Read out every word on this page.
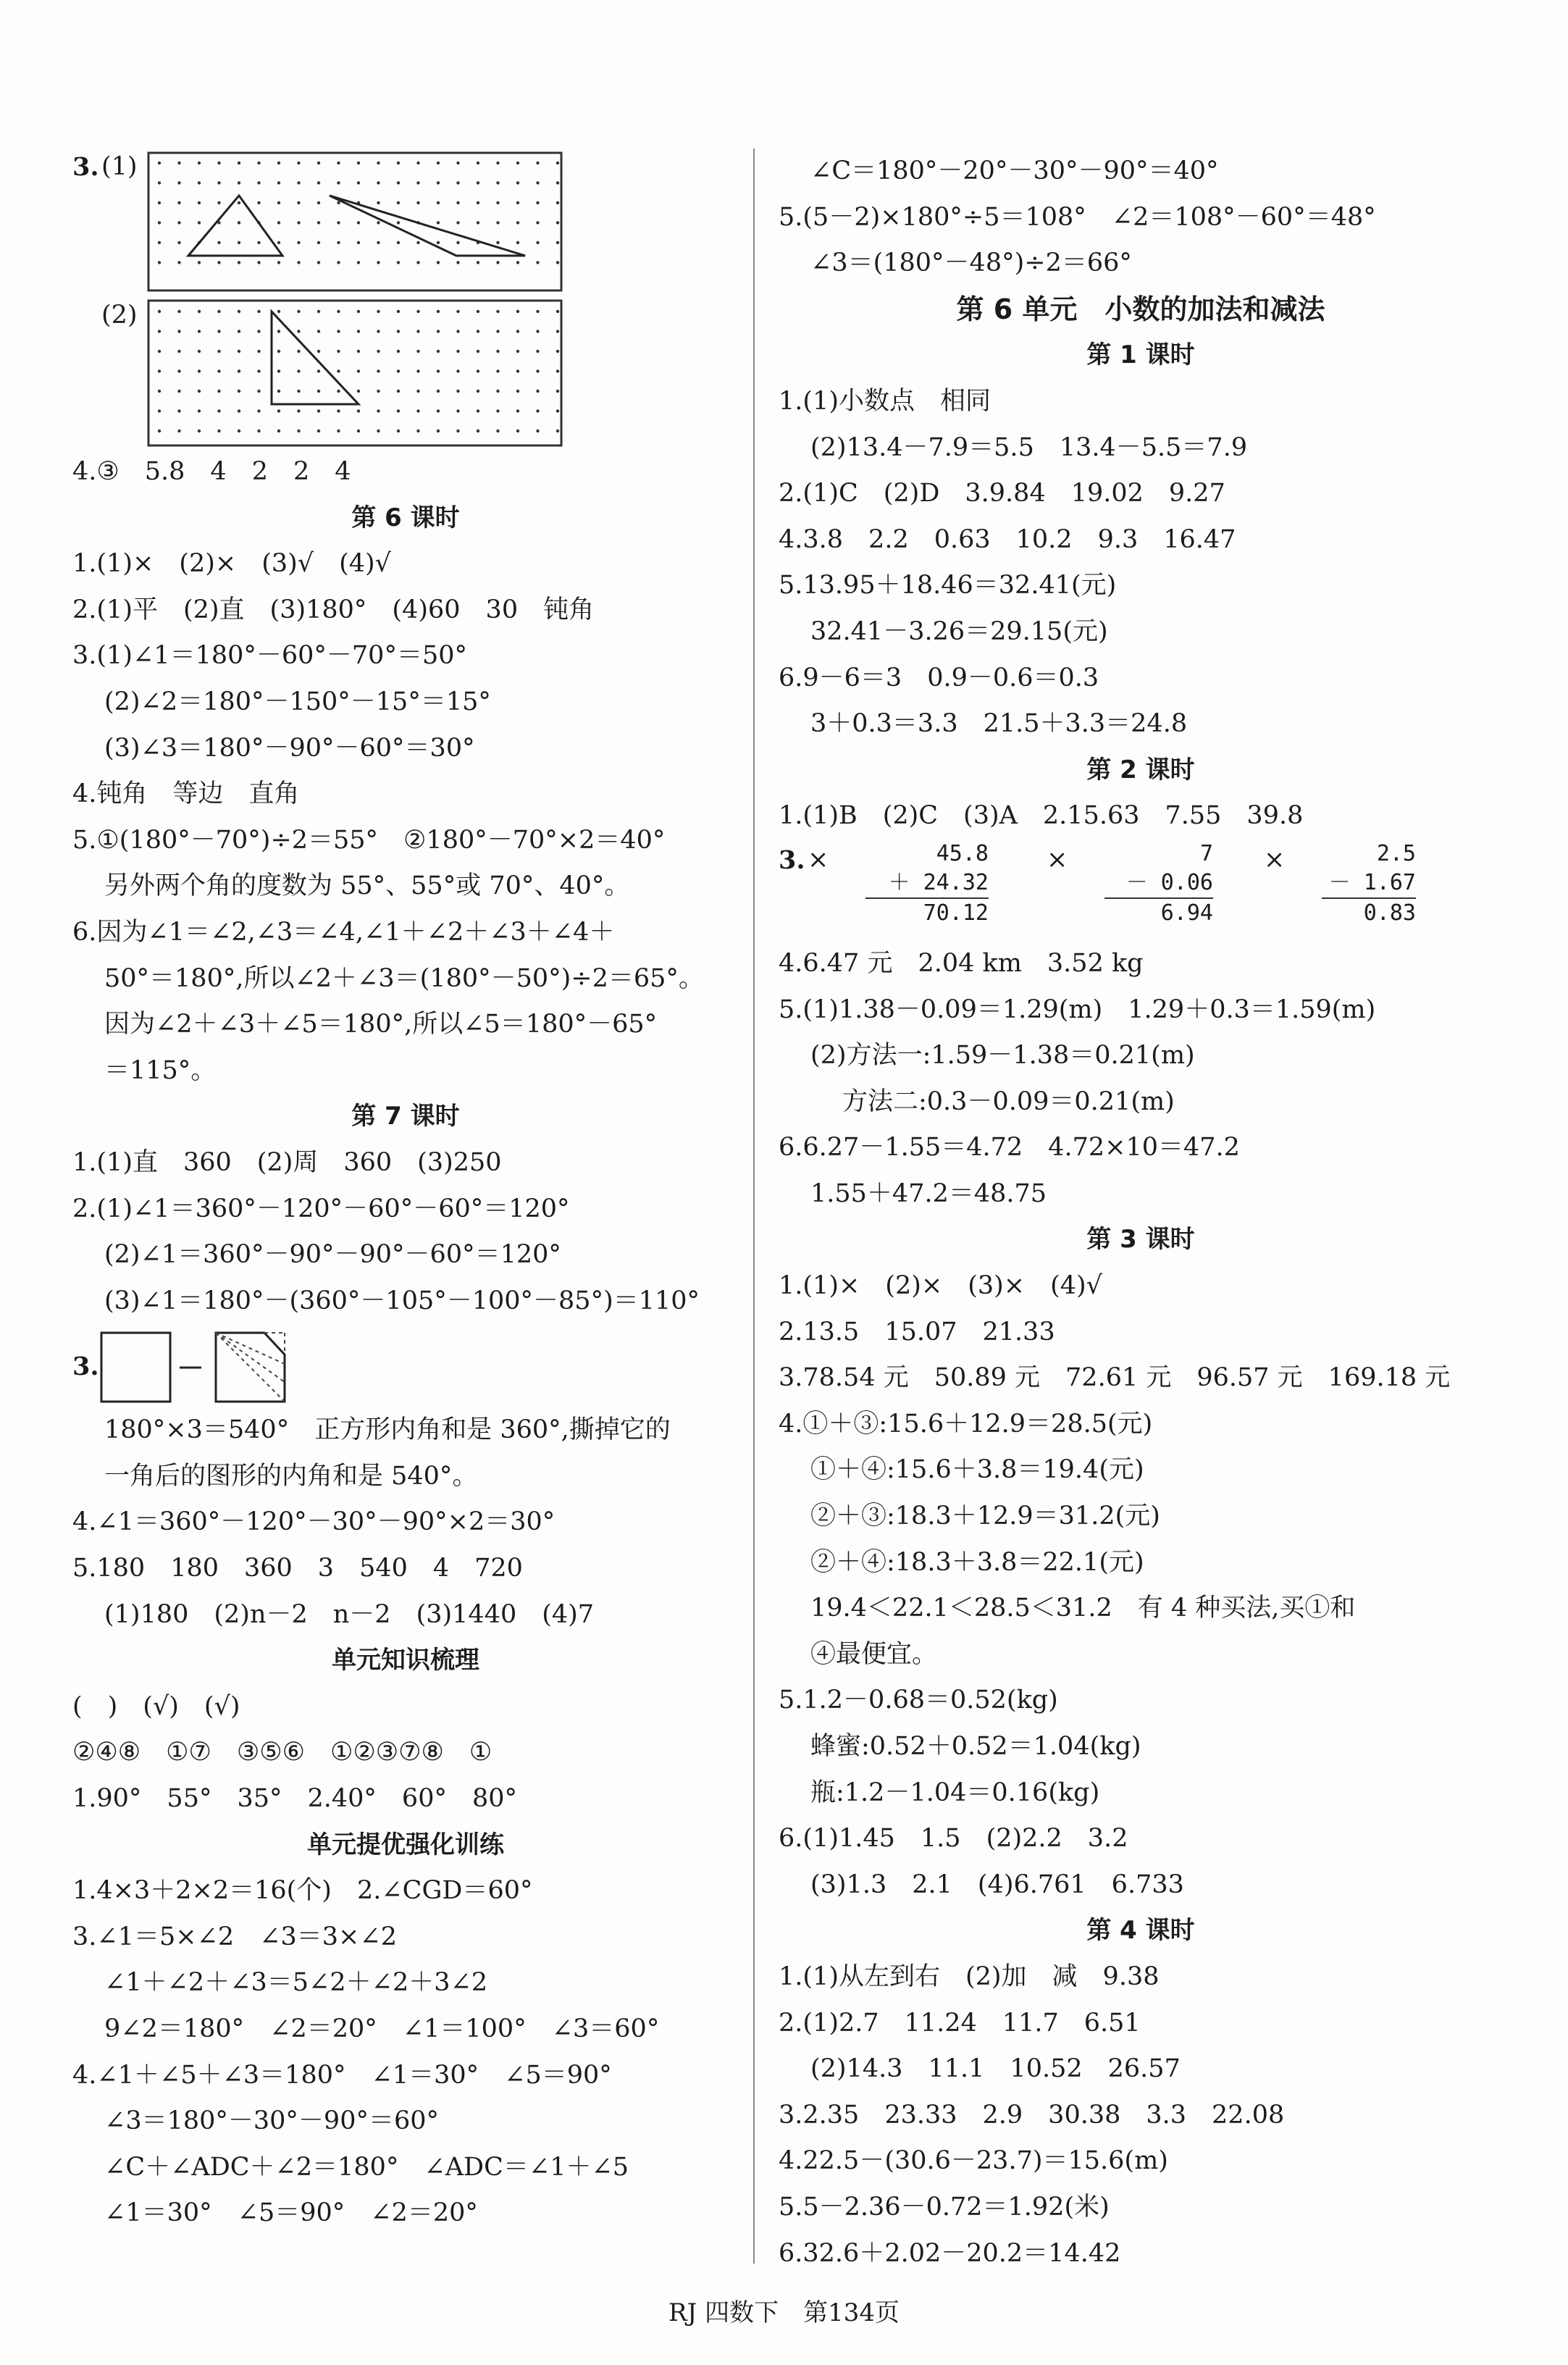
3. (1)
(2)
4.③　5.8　4　2　2　4
第 6 课时
1.(1)×　(2)×　(3)√　(4)√
2.(1)平　(2)直　(3)180°　(4)60　30　钝角
3.(1)∠1＝180°－60°－70°＝50°
(2)∠2＝180°－150°－15°＝15°
(3)∠3＝180°－90°－60°＝30°
4.钝角　等边　直角
5.①(180°－70°)÷2＝55°　②180°－70°×2＝40°
另外两个角的度数为 55°、55°或 70°、40°。
6.因为∠1＝∠2,∠3＝∠4,∠1＋∠2＋∠3＋∠4＋
50°＝180°,所以∠2＋∠3＝(180°－50°)÷2＝65°。
因为∠2＋∠3＋∠5＝180°,所以∠5＝180°－65°
＝115°。
第 7 课时
1.(1)直　360　(2)周　360　(3)250
2.(1)∠1＝360°－120°－60°－60°＝120°
(2)∠1＝360°－90°－90°－60°＝120°
(3)∠1＝180°－(360°－105°－100°－85°)＝110°
3.
180°×3＝540°　正方形内角和是 360°,撕掉它的
一角后的图形的内角和是 540°。
4.∠1＝360°－120°－30°－90°×2＝30°
5.180　180　360　3　540　4　720
(1)180　(2)n－2　n－2　(3)1440　(4)7
单元知识梳理
(　)　(√)　(√)
②④⑧　①⑦　③⑤⑥　①②③⑦⑧　①
1.90°　55°　35°　2.40°　60°　80°
单元提优强化训练
1.4×3＋2×2＝16(个)　2.∠CGD＝60°
3.∠1＝5×∠2　∠3＝3×∠2
∠1＋∠2＋∠3＝5∠2＋∠2＋3∠2
9∠2＝180°　∠2＝20°　∠1＝100°　∠3＝60°
4.∠1＋∠5＋∠3＝180°　∠1＝30°　∠5＝90°
∠3＝180°－30°－90°＝60°
∠C＋∠ADC＋∠2＝180°　∠ADC＝∠1＋∠5
∠1＝30°　∠5＝90°　∠2＝20°
∠C＝180°－20°－30°－90°＝40°
5.(5－2)×180°÷5＝108°　∠2＝108°－60°＝48°
∠3＝(180°－48°)÷2＝66°
第 6 单元　小数的加法和减法
第 1 课时
1.(1)小数点　相同
(2)13.4－7.9＝5.5　13.4－5.5＝7.9
2.(1)C　(2)D　3.9.84　19.02　9.27
4.3.8　2.2　0.63　10.2　9.3　16.47
5.13.95＋18.46＝32.41(元)
32.41－3.26＝29.15(元)
6.9－6＝3　0.9－0.6＝0.3
3＋0.3＝3.3　21.5＋3.3＝24.8
第 2 课时
1.(1)B　(2)C　(3)A　2.15.63　7.55　39.8
3. ×	45.8
＋ 24.32
70.12
×	7
－ 0.06
6.94
×	2.5
－ 1.67
0.83
4.6.47 元　2.04 km　3.52 kg
5.(1)1.38－0.09＝1.29(m)　1.29＋0.3＝1.59(m)
(2)方法一:1.59－1.38＝0.21(m)
方法二:0.3－0.09＝0.21(m)
6.6.27－1.55＝4.72　4.72×10＝47.2
1.55＋47.2＝48.75
第 3 课时
1.(1)×　(2)×　(3)×　(4)√
2.13.5　15.07　21.33
3.78.54 元　50.89 元　72.61 元　96.57 元　169.18 元
4.①＋③:15.6＋12.9＝28.5(元)
①＋④:15.6＋3.8＝19.4(元)
②＋③:18.3＋12.9＝31.2(元)
②＋④:18.3＋3.8＝22.1(元)
19.4＜22.1＜28.5＜31.2　有 4 种买法,买①和
④最便宜。
5.1.2－0.68＝0.52(kg)
蜂蜜:0.52＋0.52＝1.04(kg)
瓶:1.2－1.04＝0.16(kg)
6.(1)1.45　1.5　(2)2.2　3.2
(3)1.3　2.1　(4)6.761　6.733
第 4 课时
1.(1)从左到右　(2)加　减　9.38
2.(1)2.7　11.24　11.7　6.51
(2)14.3　11.1　10.52　26.57
3.2.35　23.33　2.9　30.38　3.3　22.08
4.22.5－(30.6－23.7)＝15.6(m)
5.5－2.36－0.72＝1.92(米)
6.32.6＋2.02－20.2＝14.42
RJ 四数下　第134页
